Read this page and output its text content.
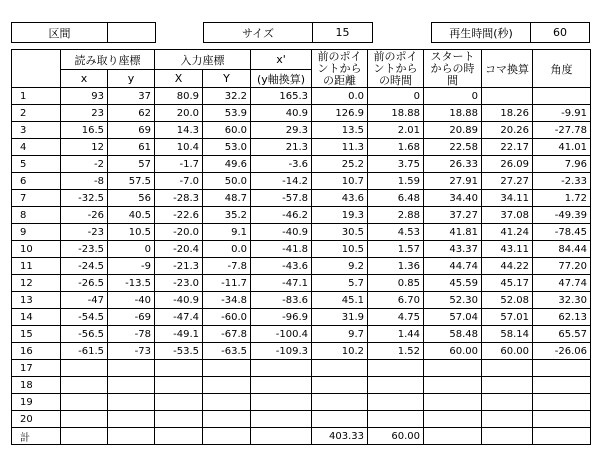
区間	サイズ	15	再生時間(秒)	60
	読み取り座標		入力座標		x'	前のポイントからの距離	前のポイントからの時間	スタートからの時間	コマ換算	角度
	x	y	X	Y	(y軸換算)					
1	93	37	80.9	32.2	165.3	0.0	0	0		
2	23	62	20.0	53.9	40.9	126.9	18.88	18.88	18.26	-9.91
3	16.5	69	14.3	60.0	29.3	13.5	2.01	20.89	20.26	-27.78
4	12	61	10.4	53.0	21.3	11.3	1.68	22.58	22.17	41.01
5	-2	57	-1.7	49.6	-3.6	25.2	3.75	26.33	26.09	7.96
6	-8	57.5	-7.0	50.0	-14.2	10.7	1.59	27.91	27.27	-2.33
7	-32.5	56	-28.3	48.7	-57.8	43.6	6.48	34.40	34.11	1.72
8	-26	40.5	-22.6	35.2	-46.2	19.3	2.88	37.27	37.08	-49.39
9	-23	10.5	-20.0	9.1	-40.9	30.5	4.53	41.81	41.24	-78.45
10	-23.5	0	-20.4	0.0	-41.8	10.5	1.57	43.37	43.11	84.44
11	-24.5	-9	-21.3	-7.8	-43.6	9.2	1.36	44.74	44.22	77.20
12	-26.5	-13.5	-23.0	-11.7	-47.1	5.7	0.85	45.59	45.17	47.74
13	-47	-40	-40.9	-34.8	-83.6	45.1	6.70	52.30	52.08	32.30
14	-54.5	-69	-47.4	-60.0	-96.9	31.9	4.75	57.04	57.01	62.13
15	-56.5	-78	-49.1	-67.8	-100.4	9.7	1.44	58.48	58.14	65.57
16	-61.5	-73	-53.5	-63.5	-109.3	10.2	1.52	60.00	60.00	-26.06
17										
18										
19										
20										
計						403.33	60.00			
